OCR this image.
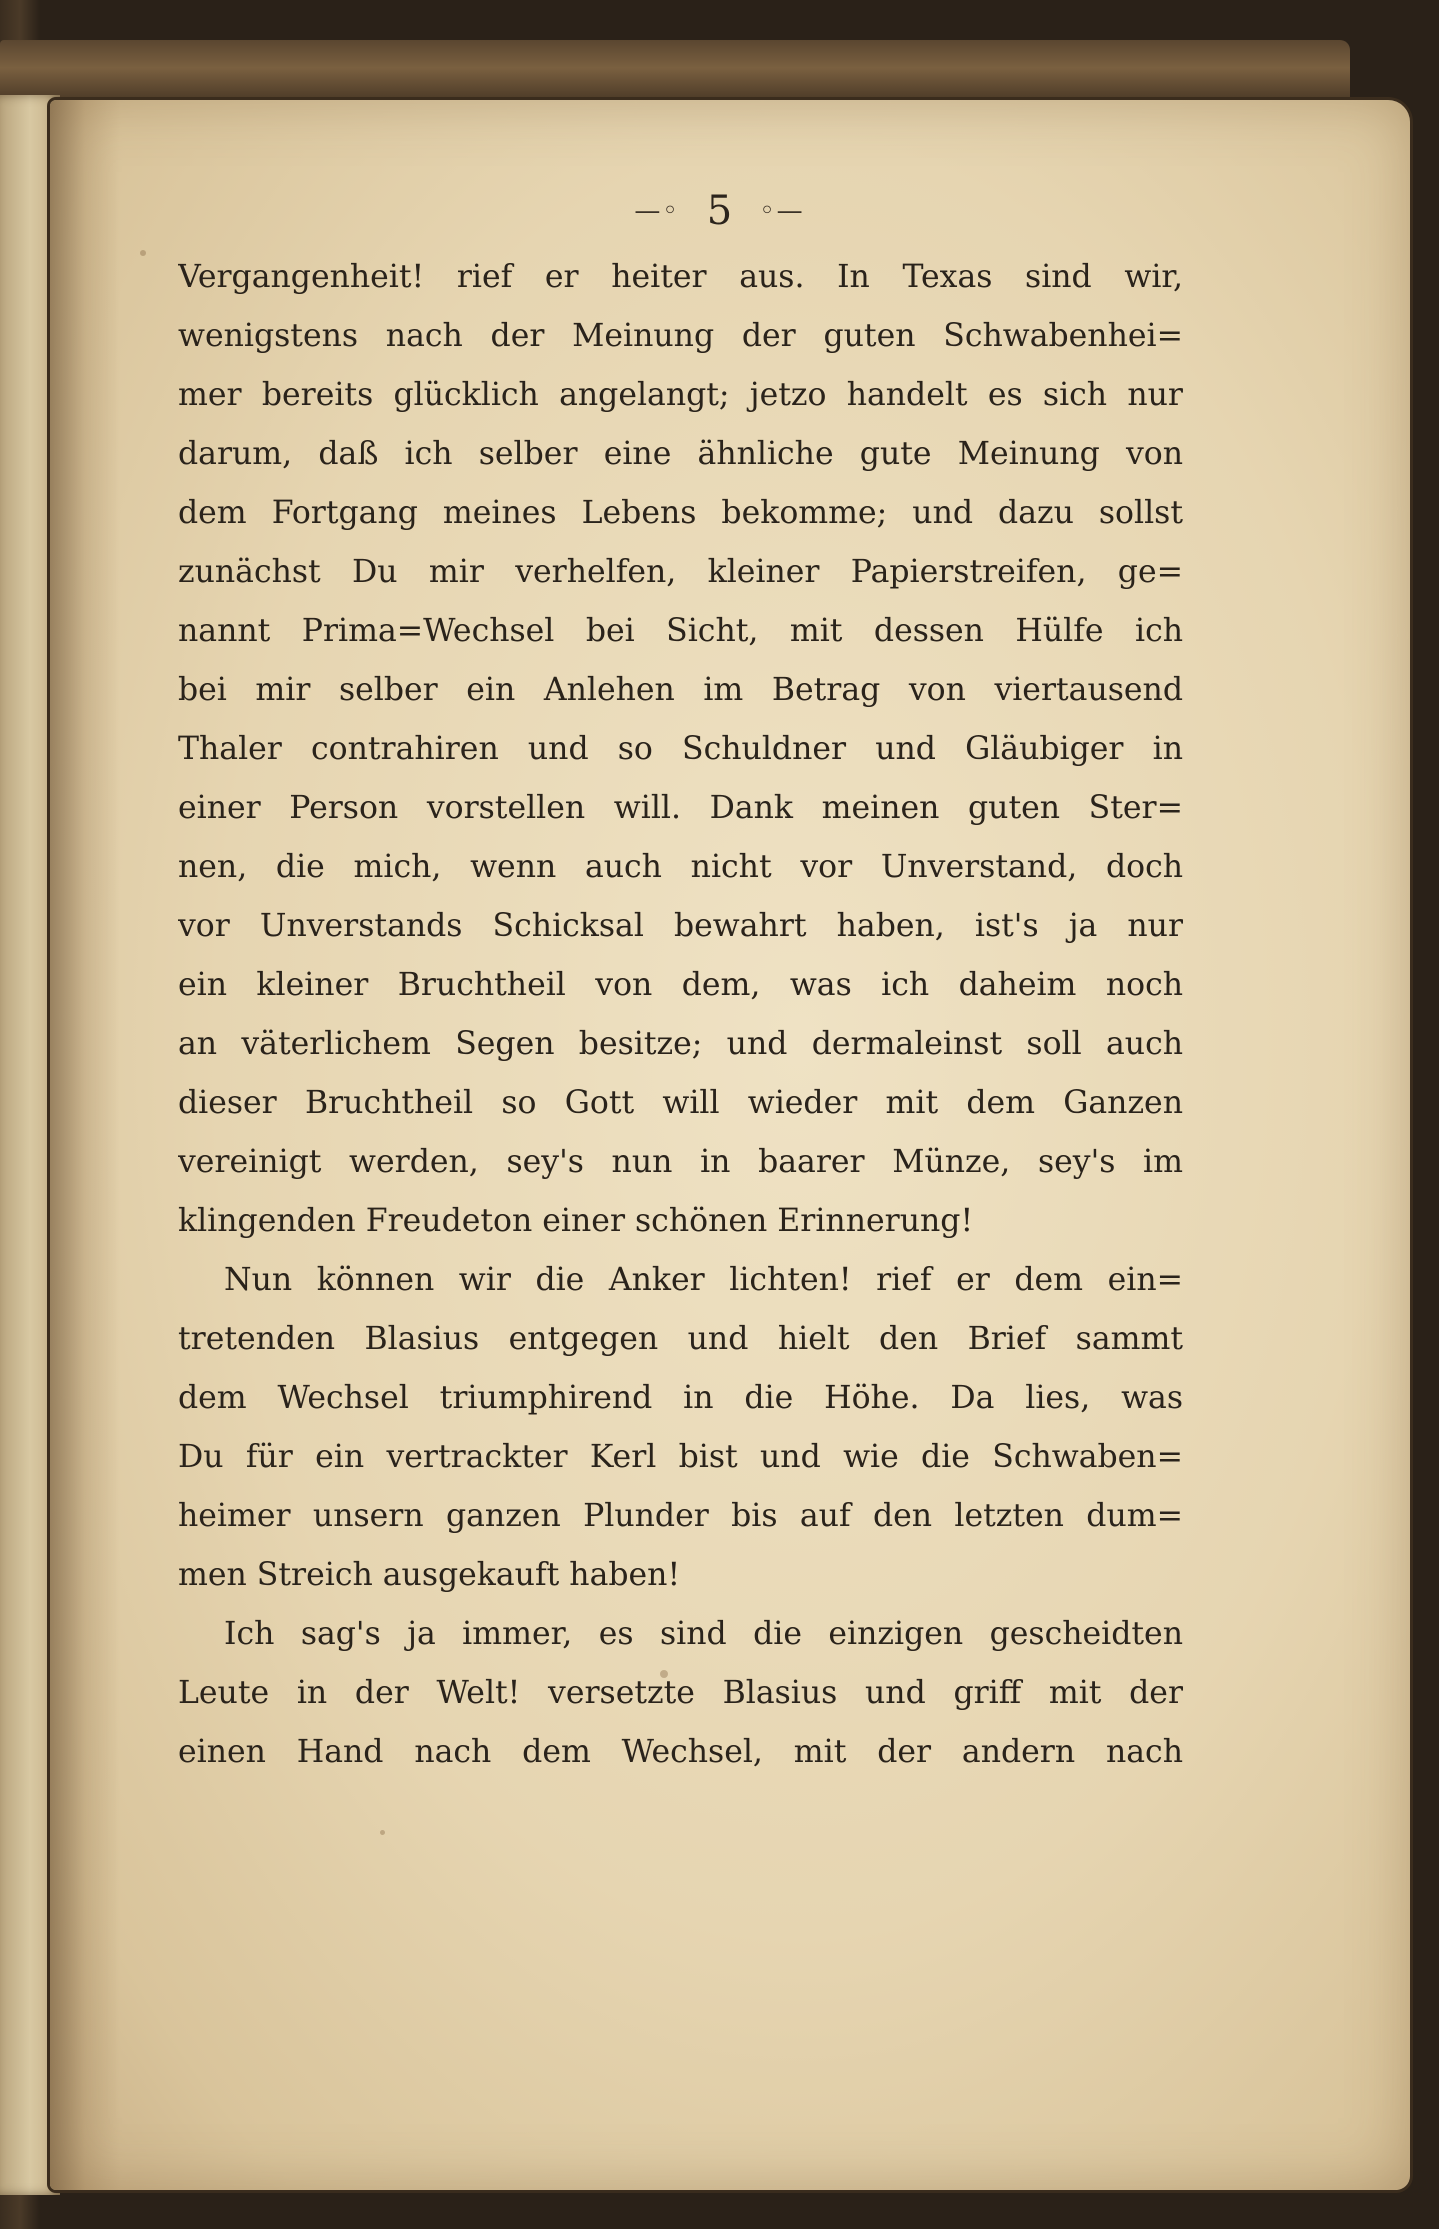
—◦ 5 ◦—
Vergangenheit! rief er heiter aus. In Texas sind wir,
wenigstens nach der Meinung der guten Schwabenhei=
mer bereits glücklich angelangt; jetzo handelt es sich nur
darum, daß ich selber eine ähnliche gute Meinung von
dem Fortgang meines Lebens bekomme; und dazu sollst
zunächst Du mir verhelfen, kleiner Papierstreifen, ge=
nannt Prima=Wechsel bei Sicht, mit dessen Hülfe ich
bei mir selber ein Anlehen im Betrag von viertausend
Thaler contrahiren und so Schuldner und Gläubiger in
einer Person vorstellen will. Dank meinen guten Ster=
nen, die mich, wenn auch nicht vor Unverstand, doch
vor Unverstands Schicksal bewahrt haben, ist's ja nur
ein kleiner Bruchtheil von dem, was ich daheim noch
an väterlichem Segen besitze; und dermaleinst soll auch
dieser Bruchtheil so Gott will wieder mit dem Ganzen
vereinigt werden, sey's nun in baarer Münze, sey's im
klingenden Freudeton einer schönen Erinnerung!
Nun können wir die Anker lichten! rief er dem ein=
tretenden Blasius entgegen und hielt den Brief sammt
dem Wechsel triumphirend in die Höhe. Da lies, was
Du für ein vertrackter Kerl bist und wie die Schwaben=
heimer unsern ganzen Plunder bis auf den letzten dum=
men Streich ausgekauft haben!
Ich sag's ja immer, es sind die einzigen gescheidten
Leute in der Welt! versetzte Blasius und griff mit der
einen Hand nach dem Wechsel, mit der andern nach
